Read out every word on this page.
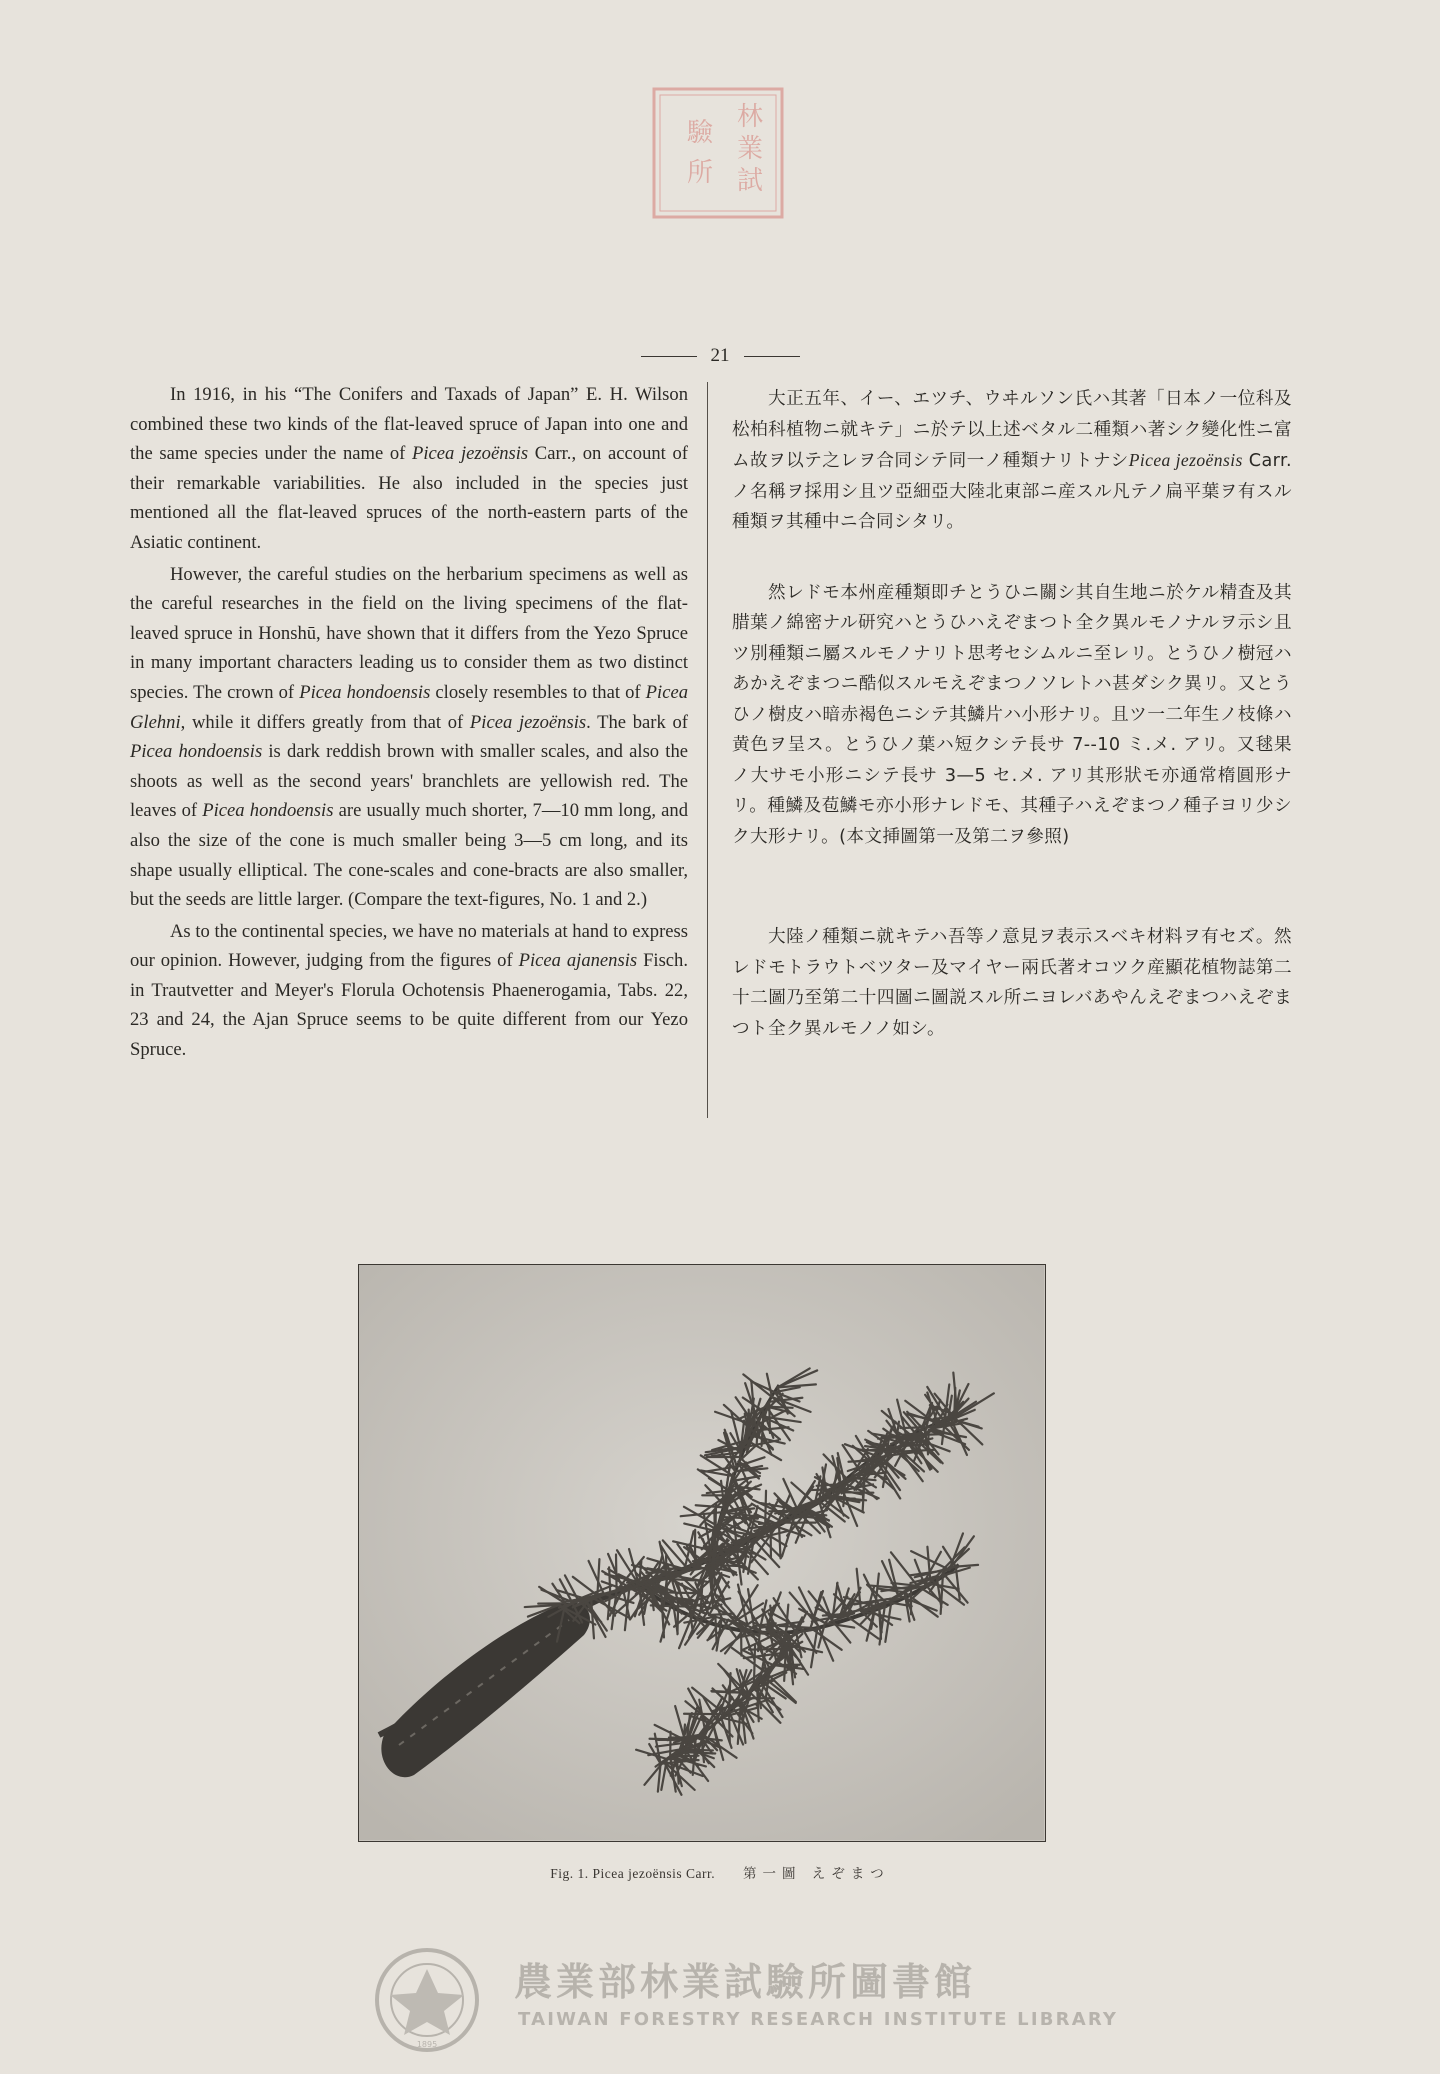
林
業
試
驗
所
21

In 1916, in his “The Conifers and Taxads of Japan” E. H. Wilson combined these two kinds of the flat-leaved spruce of Japan into one and the same species under the name of Picea jezoënsis Carr., on account of their remarkable variabilities. He also included in the species just mentioned all the flat-leaved spruces of the north-eastern parts of the Asiatic continent.

However, the careful studies on the herbarium specimens as well as the careful researches in the field on the living specimens of the flat-leaved spruce in Honshū, have shown that it differs from the Yezo Spruce in many important characters leading us to consider them as two distinct species. The crown of Picea hondoensis closely resembles to that of Picea Glehni, while it differs greatly from that of Picea jezoënsis. The bark of Picea hondoensis is dark reddish brown with smaller scales, and also the shoots as well as the second years' branchlets are yellowish red. The leaves of Picea hondoensis are usually much shorter, 7—10 mm long, and also the size of the cone is much smaller being 3—5 cm long, and its shape usually elliptical. The cone-scales and cone-bracts are also smaller, but the seeds are little larger. (Compare the text-figures, No. 1 and 2.)

As to the continental species, we have no materials at hand to express our opinion. However, judging from the figures of Picea ajanensis Fisch. in Trautvetter and Meyer's Florula Ochotensis Phaenerogamia, Tabs. 22, 23 and 24, the Ajan Spruce seems to be quite different from our Yezo Spruce.

大正五年、イー、エツチ、ウヰルソン氏ハ其著「日本ノ一位科及松柏科植物ニ就キテ」ニ於テ以上述ベタル二種類ハ著シク變化性ニ富ム故ヲ以テ之レヲ合同シテ同一ノ種類ナリトナシPicea jezoënsis Carr. ノ名稱ヲ採用シ且ツ亞細亞大陸北東部ニ産スル凡テノ扁平葉ヲ有スル種類ヲ其種中ニ合同シタリ。

然レドモ本州産種類即チとうひニ關シ其自生地ニ於ケル精査及其腊葉ノ綿密ナル研究ハとうひハえぞまつト全ク異ルモノナルヲ示シ且ツ別種類ニ屬スルモノナリト思考セシムルニ至レリ。とうひノ樹冠ハあかえぞまつニ酷似スルモえぞまつノソレトハ甚ダシク異リ。又とうひノ樹皮ハ暗赤褐色ニシテ其鱗片ハ小形ナリ。且ツ一二年生ノ枝條ハ黄色ヲ呈ス。とうひノ葉ハ短クシテ長サ 7--10 ミ.メ. アリ。又毬果ノ大サモ小形ニシテ長サ 3—5 セ.メ. アリ其形狀モ亦通常楕圓形ナリ。種鱗及苞鱗モ亦小形ナレドモ、其種子ハえぞまつノ種子ヨリ少シク大形ナリ。(本文挿圖第一及第二ヲ參照)

大陸ノ種類ニ就キテハ吾等ノ意見ヲ表示スベキ材料ヲ有セズ。然レドモトラウトベツター及マイヤー兩氏著オコツク産顯花植物誌第二十二圖乃至第二十四圖ニ圖説スル所ニヨレバあやんえぞまつハえぞまつト全ク異ルモノノ如シ。

Fig. 1. Picea jezoënsis Carr. 第一圖 えぞまつ
1895
農業部林業試驗所圖書館
TAIWAN FORESTRY RESEARCH INSTITUTE LIBRARY
